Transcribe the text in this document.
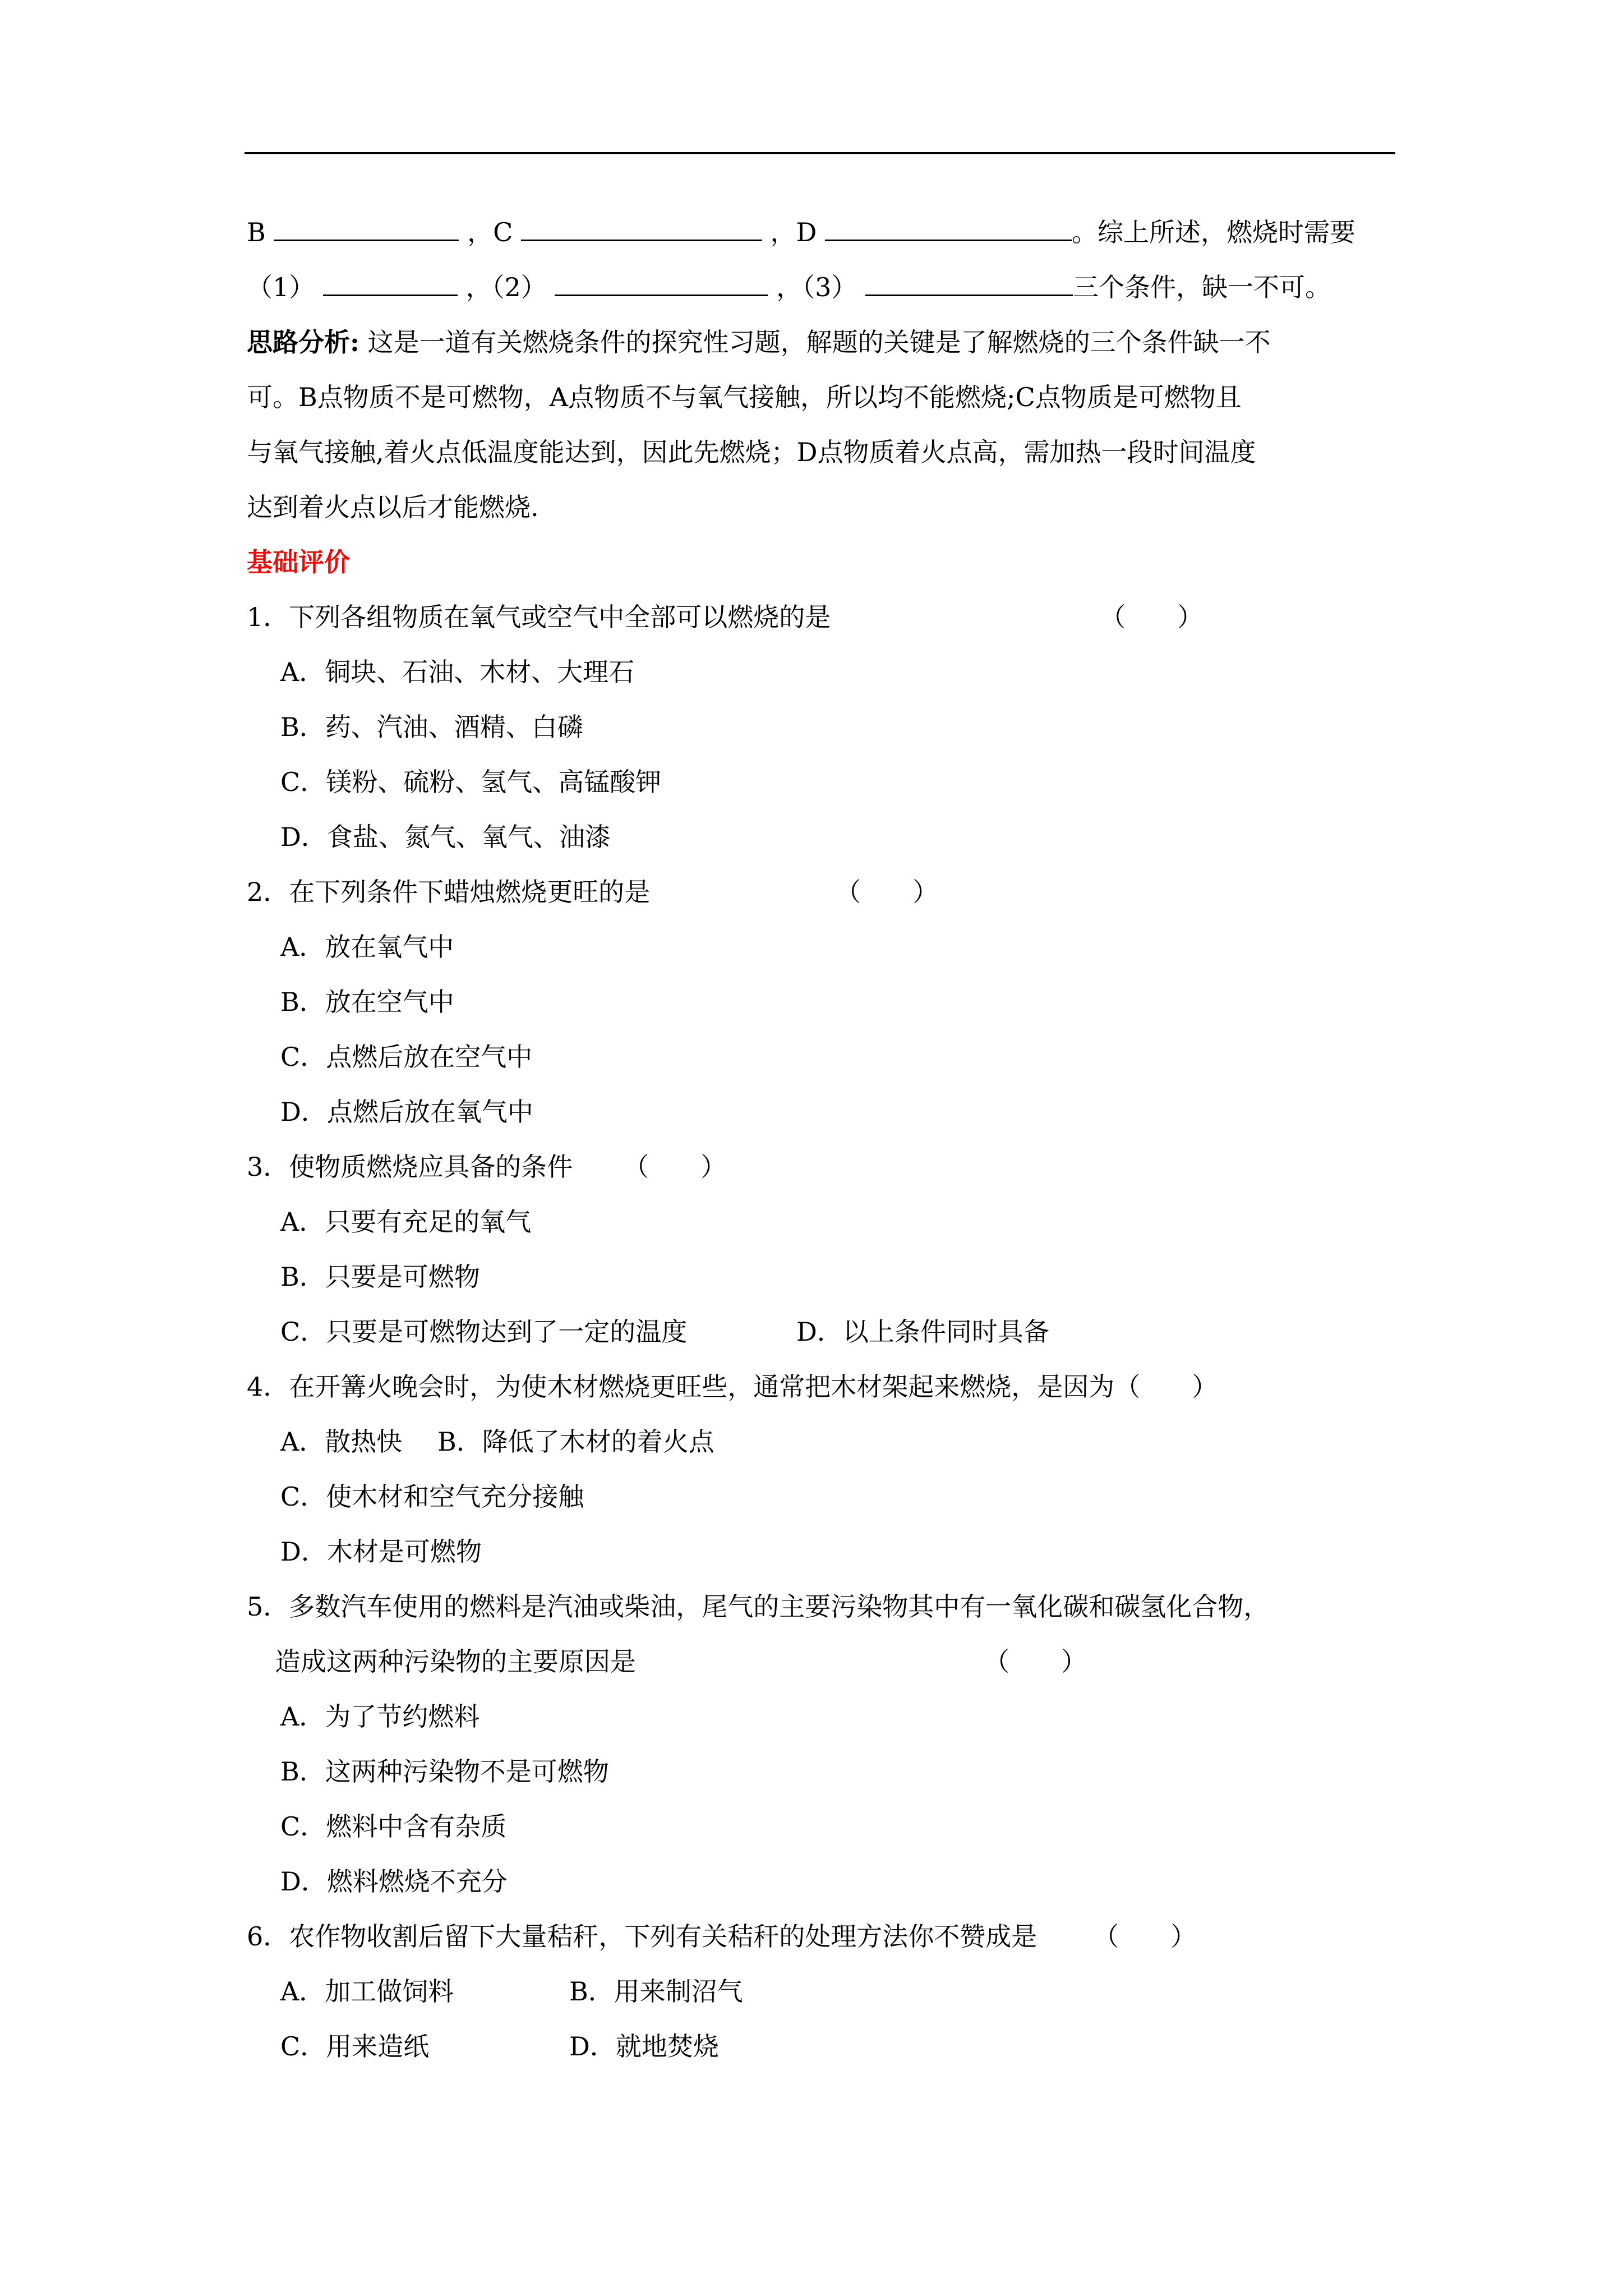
B	，C	，D	。综上所述，燃烧时需要
（1）	，（2）	，（3）	三个条件，缺一不可。
思路分析: 这是一道有关燃烧条件的探究性习题，解题的关键是了解燃烧的三个条件缺一不
可。B点物质不是可燃物，A点物质不与氧气接触，所以均不能燃烧;C点物质是可燃物且
与氧气接触,着火点低温度能达到，因此先燃烧；D点物质着火点高，需加热一段时间温度
达到着火点以后才能燃烧.
基础评价
1．下列各组物质在氧气或空气中全部可以燃烧的是	（　　）
A．铜块、石油、木材、大理石
B．药、汽油、酒精、白磷
C．镁粉、硫粉、氢气、高锰酸钾
D．食盐、氮气、氧气、油漆
2．在下列条件下蜡烛燃烧更旺的是	（　　）
A．放在氧气中
B．放在空气中
C．点燃后放在空气中
D．点燃后放在氧气中
3．使物质燃烧应具备的条件 （　　）
A．只要有充足的氧气
B．只要是可燃物
C．只要是可燃物达到了一定的温度	D．以上条件同时具备
4．在开篝火晚会时，为使木材燃烧更旺些，通常把木材架起来燃烧，是因为（　　）
A．散热快 B．降低了木材的着火点
C．使木材和空气充分接触
D．木材是可燃物
5．多数汽车使用的燃料是汽油或柴油，尾气的主要污染物其中有一氧化碳和碳氢化合物，
造成这两种污染物的主要原因是	（　　）
A．为了节约燃料
B．这两种污染物不是可燃物
C．燃料中含有杂质
D．燃料燃烧不充分
6．农作物收割后留下大量秸秆，下列有关秸秆的处理方法你不赞成是 （　　）
A．加工做饲料	B．用来制沼气
C．用来造纸	D．就地焚烧
